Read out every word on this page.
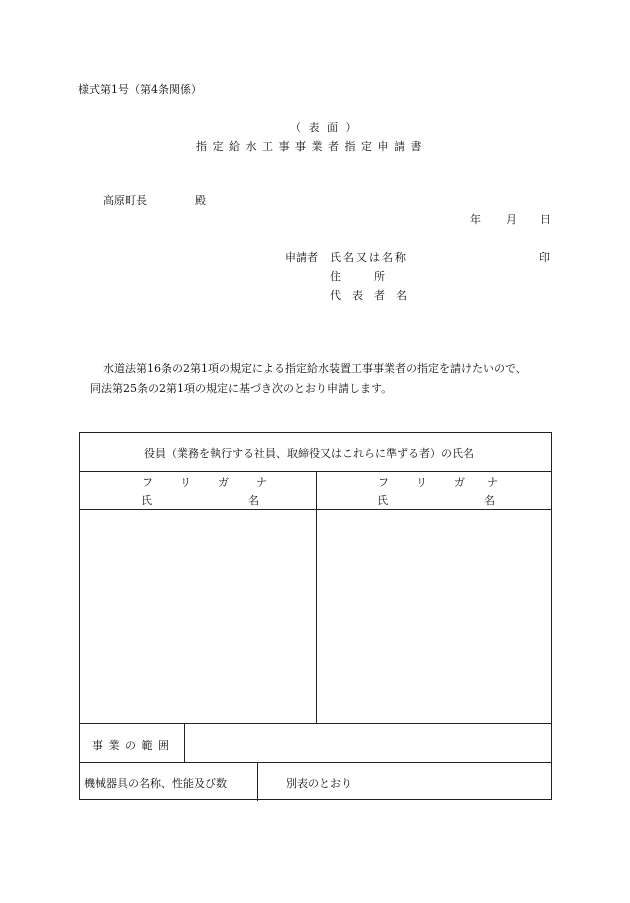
様式第1号（第4条関係）
（ 表 面 ）
指 定 給 水 工 事 事 業 者 指 定 申 請 書
高原町長	殿
年 月 日
申請者 氏名又は名称	印
住　　　所
代　表　者　名
水道法第16条の2第1項の規定による指定給水装置工事事業者の指定を請けたいので、
同法第25条の2第1項の規定に基づき次のとおり申請します。
役員（業務を執行する社員、取締役又はこれらに準ずる者）の氏名
フ リ ガ ナ
氏	名
フ リ ガ ナ
氏	名
事 業 の 範 囲
機械器具の名称、性能及び数	別表のとおり
